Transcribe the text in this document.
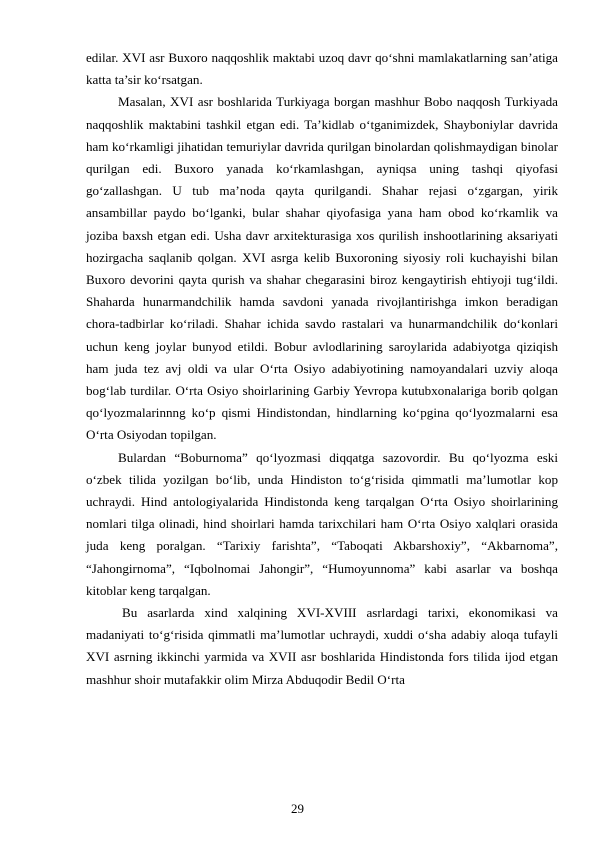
edilar. XVI asr Buxoro naqqoshlik maktabi uzoq davr qo‘shni mamlakatlarning san’atiga katta ta’sir ko‘rsatgan.

Masalan, XVI asr boshlarida Turkiyaga borgan mashhur Bobo naqqosh Turkiyada naqqoshlik maktabini tashkil etgan edi. Ta’kidlab o‘tganimizdek, Shayboniylar davrida ham ko‘rkamligi jihatidan temuriylar davrida qurilgan binolardan qolishmaydigan binolar qurilgan edi. Buxoro yanada ko‘rkamlashgan, ayniqsa uning tashqi qiyofasi go‘zallashgan. U tub ma’noda qayta qurilgandi. Shahar rejasi o‘zgargan, yirik ansambillar paydo bo‘lganki, bular shahar qiyofasiga yana ham obod ko‘rkamlik va joziba baxsh etgan edi. Usha davr arxitekturasiga xos qurilish inshootlarining aksariyati hozirgacha saqlanib qolgan. XVI asrga kelib Buxoroning siyosiy roli kuchayishi bilan Buxoro devorini qayta qurish va shahar chegarasini biroz kengaytirish ehtiyoji tug‘ildi. Shaharda hunarmandchilik hamda savdoni yanada rivojlantirishga imkon beradigan chora-tadbirlar ko‘riladi. Shahar ichida savdo rastalari va hunarmandchilik do‘konlari uchun keng joylar bunyod etildi. Bobur avlodlarining saroylarida adabiyotga qiziqish ham juda tez avj oldi va ular O‘rta Osiyo adabiyotining namoyandalari uzviy aloqa bog‘lab turdilar. O‘rta Osiyo shoirlarining Garbiy Yevropa kutubxonalariga borib qolgan qo‘lyozmalarinnng ko‘p qismi Hindistondan, hindlarning ko‘pgina qo‘lyozmalarni esa O‘rta Osiyodan topilgan.

Bulardan “Boburnoma” qo‘lyozmasi diqqatga sazovordir. Bu qo‘lyozma eski o‘zbek tilida yozilgan bo‘lib, unda Hindiston to‘g‘risida qimmatli ma’lumotlar kop uchraydi. Hind antologiyalarida Hindistonda keng tarqalgan O‘rta Osiyo shoirlarining nomlari tilga olinadi, hind shoirlari hamda tarixchilari ham O‘rta Osiyo xalqlari orasida juda keng poralgan. “Tarixiy farishta”, “Taboqati Akbarshoxiy”, “Akbarnoma”, “Jahongirnoma”, “Iqbolnomai Jahongir”, “Humoyunnoma” kabi asarlar va boshqa kitoblar keng tarqalgan.

Bu asarlarda xind xalqining XVI-XVIII asrlardagi tarixi, ekonomikasi va madaniyati to‘g‘risida qimmatli ma’lumotlar uchraydi, xuddi o‘sha adabiy aloqa tufayli XVI asrning ikkinchi yarmida va XVII asr boshlarida Hindistonda fors tilida ijod etgan mashhur shoir mutafakkir olim Mirza Abduqodir Bedil O‘rta

29
